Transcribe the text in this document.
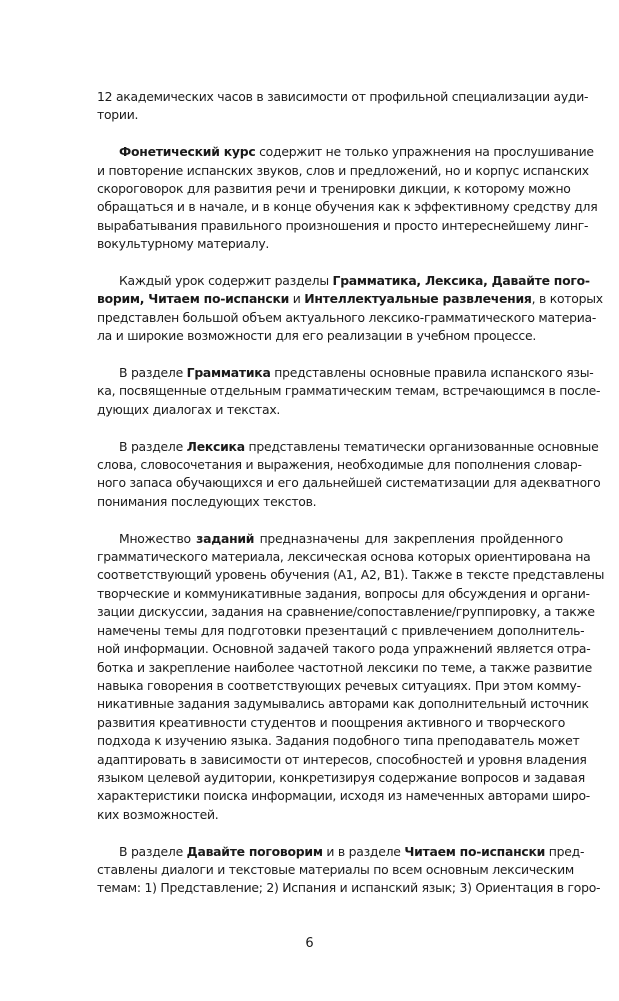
12 академических часов в зависимости от профильной специализации ауди-
тории.
Фонетический курс содержит не только упражнения на прослушивание
и повторение испанских звуков, слов и предложений, но и корпус испанских
скороговорок для развития речи и тренировки дикции, к которому можно
обращаться и в начале, и в конце обучения как к эффективному средству для
вырабатывания правильного произношения и просто интереснейшему линг-
вокультурному материалу.
Каждый урок содержит разделы Грамматика, Лексика, Давайте пого-
ворим, Читаем по-испански и Интеллектуальные развлечения, в которых
представлен большой объем актуального лексико-грамматического материа-
ла и широкие возможности для его реализации в учебном процессе.
В разделе Грамматика представлены основные правила испанского язы-
ка, посвященные отдельным грамматическим темам, встречающимся в после-
дующих диалогах и текстах.
В разделе Лексика представлены тематически организованные основные
слова, словосочетания и выражения, необходимые для пополнения словар-
ного запаса обучающихся и его дальнейшей систематизации для адекватного
понимания последующих текстов.
Множество заданий предназначены для закрепления пройденного
грамматического материала, лексическая основа которых ориентирована на
соответствующий уровень обучения (А1, А2, В1). Также в тексте представлены
творческие и коммуникативные задания, вопросы для обсуждения и органи-
зации дискуссии, задания на сравнение/сопоставление/группировку, а также
намечены темы для подготовки презентаций с привлечением дополнитель-
ной информации. Основной задачей такого рода упражнений является отра-
ботка и закрепление наиболее частотной лексики по теме, а также развитие
навыка говорения в соответствующих речевых ситуациях. При этом комму-
никативные задания задумывались авторами как дополнительный источник
развития креативности студентов и поощрения активного и творческого
подхода к изучению языка. Задания подобного типа преподаватель может
адаптировать в зависимости от интересов, способностей и уровня владения
языком целевой аудитории, конкретизируя содержание вопросов и задавая
характеристики поиска информации, исходя из намеченных авторами широ-
ких возможностей.
В разделе Давайте поговорим и в разделе Читаем по-испански пред-
ставлены диалоги и текстовые материалы по всем основным лексическим
темам: 1) Представление; 2) Испания и испанский язык; 3) Ориентация в горо-
6
